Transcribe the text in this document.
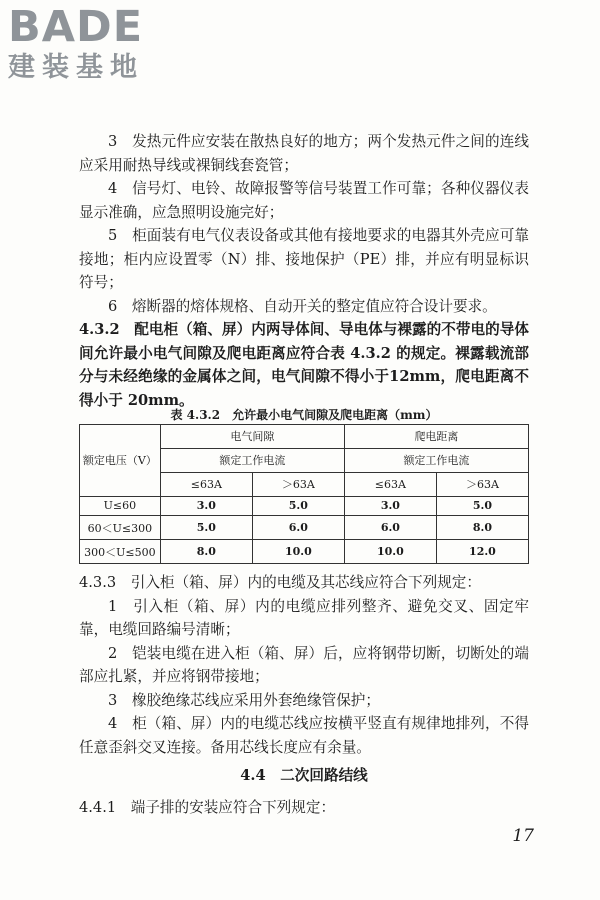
BADE
建装基地

3　发热元件应安装在散热良好的地方；两个发热元件之间的连线应采用耐热导线或裸铜线套瓷管；

4　信号灯、电铃、故障报警等信号装置工作可靠；各种仪器仪表显示准确，应急照明设施完好；

5　柜面装有电气仪表设备或其他有接地要求的电器其外壳应可靠接地；柜内应设置零（N）排、接地保护（PE）排，并应有明显标识符号；

6　熔断器的熔体规格、自动开关的整定值应符合设计要求。

4.3.2　配电柜（箱、屏）内两导体间、导电体与裸露的不带电的导体间允许最小电气间隙及爬电距离应符合表 4.3.2 的规定。裸露载流部分与未经绝缘的金属体之间，电气间隙不得小于12mm，爬电距离不得小于 20mm。

表 4.3.2　允许最小电气间隙及爬电距离（mm）
额定电压（V）	电气间隙		爬电距离	
	额定工作电流		额定工作电流	
	≤63A	＞63A	≤63A	＞63A
U≤60	3.0	5.0	3.0	5.0
60＜U≤300	5.0	6.0	6.0	8.0
300＜U≤500	8.0	10.0	10.0	12.0

4.3.3　引入柜（箱、屏）内的电缆及其芯线应符合下列规定：

1　引入柜（箱、屏）内的电缆应排列整齐、避免交叉、固定牢靠，电缆回路编号清晰；

2　铠装电缆在进入柜（箱、屏）后，应将钢带切断，切断处的端部应扎紧，并应将钢带接地；

3　橡胶绝缘芯线应采用外套绝缘管保护；

4　柜（箱、屏）内的电缆芯线应按横平竖直有规律地排列，不得任意歪斜交叉连接。备用芯线长度应有余量。

4.4　二次回路结线

4.4.1　端子排的安装应符合下列规定：

17
